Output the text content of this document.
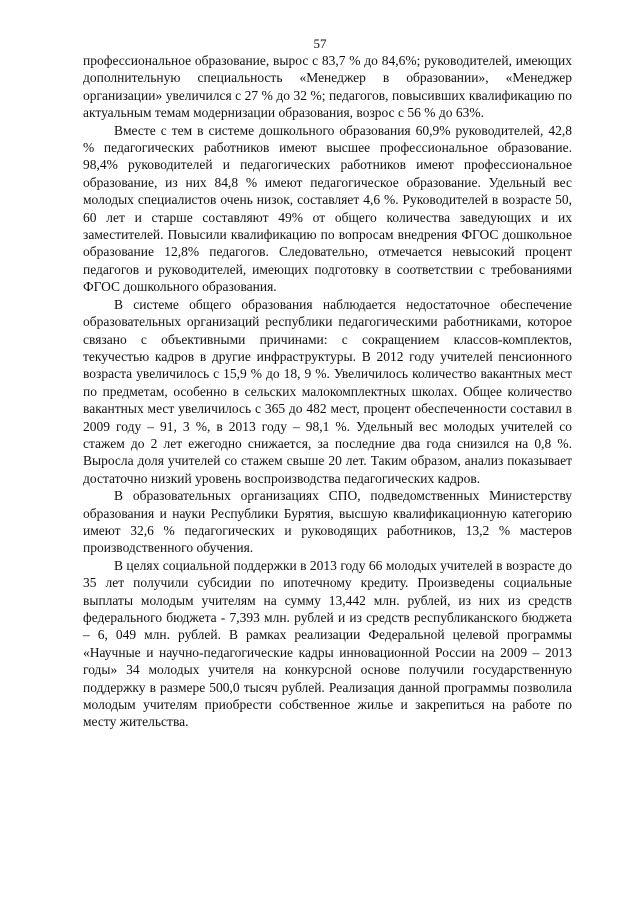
57

профессиональное образование, вырос с 83,7 % до 84,6%; руководителей, имеющих дополнительную специальность «Менеджер в образовании», «Менеджер организации» увеличился с 27 % до 32 %; педагогов, повысивших квалификацию по актуальным темам модернизации образования, возрос с 56 % до 63%.

Вместе с тем в системе дошкольного образования 60,9% руководителей, 42,8 % педагогических работников имеют высшее профессиональное образование. 98,4% руководителей и педагогических работников имеют профессиональное образование, из них 84,8 % имеют педагогическое образование. Удельный вес молодых специалистов очень низок, составляет 4,6 %. Руководителей в возрасте 50, 60 лет и старше составляют 49% от общего количества заведующих и их заместителей. Повысили квалификацию по вопросам внедрения ФГОС дошкольное образование 12,8% педагогов. Следовательно, отмечается невысокий процент педагогов и руководителей, имеющих подготовку в соответствии с требованиями ФГОС дошкольного образования.

В системе общего образования наблюдается недостаточное обеспечение образовательных организаций республики педагогическими работниками, которое связано с объективными причинами: с сокращением классов-комплектов, текучестью кадров в другие инфраструктуры. В 2012 году учителей пенсионного возраста увеличилось с 15,9 % до 18, 9 %. Увеличилось количество вакантных мест по предметам, особенно в сельских малокомплектных школах. Общее количество вакантных мест увеличилось с 365 до 482 мест, процент обеспеченности составил в 2009 году – 91, 3 %, в 2013 году – 98,1 %. Удельный вес молодых учителей со стажем до 2 лет ежегодно снижается, за последние два года снизился на 0,8 %. Выросла доля учителей со стажем свыше 20 лет. Таким образом, анализ показывает достаточно низкий уровень воспроизводства педагогических кадров.

В образовательных организациях СПО, подведомственных Министерству образования и науки Республики Бурятия, высшую квалификационную категорию имеют 32,6 % педагогических и руководящих работников, 13,2 % мастеров производственного обучения.

В целях социальной поддержки в 2013 году 66 молодых учителей в возрасте до 35 лет получили субсидии по ипотечному кредиту. Произведены социальные выплаты молодым учителям на сумму 13,442 млн. рублей, из них из средств федерального бюджета - 7,393 млн. рублей и из средств республиканского бюджета – 6, 049 млн. рублей. В рамках реализации Федеральной целевой программы «Научные и научно-педагогические кадры инновационной России на 2009 – 2013 годы» 34 молодых учителя на конкурсной основе получили государственную поддержку в размере 500,0 тысяч рублей. Реализация данной программы позволила молодым учителям приобрести собственное жилье и закрепиться на работе по месту жительства.
